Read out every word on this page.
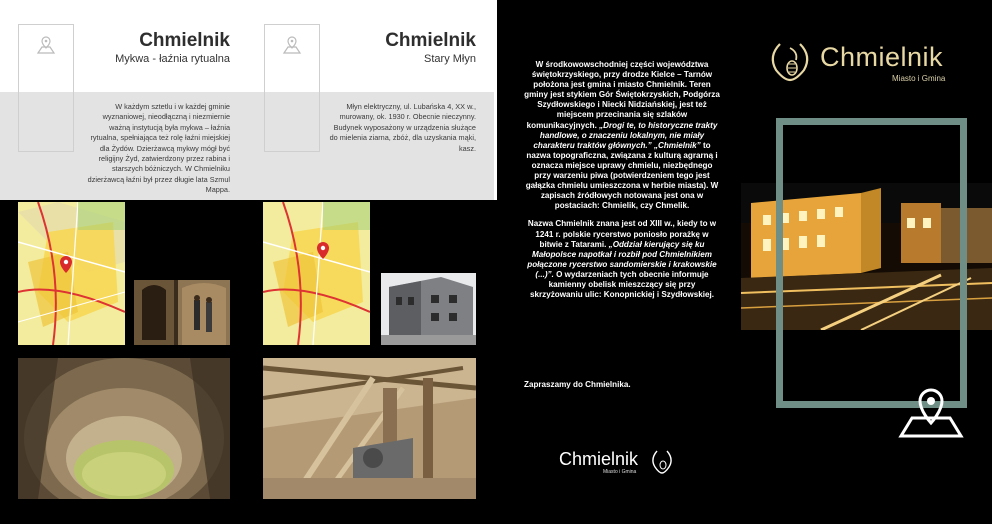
Chmielnik
Mykwa - łaźnia rytualna
W każdym sztetlu i w każdej gminie wyznaniowej, nieodłączną i niezmiernie ważną instytucją była mykwa – łaźnia rytualna, spełniająca też rolę łaźni miejskiej dla Żydów. Dzierżawcą mykwy mógł być religijny Żyd, zatwierdzony przez rabina i starszych bóżniczych. W Chmielniku dzierżawcą łaźni był przez długie lata Szmul Mappa.
Chmielnik
Stary Młyn
Młyn elektryczny, ul. Lubańska 4, XX w., murowany, ok. 1930 r. Obecnie nieczynny. Budynek wyposażony w urządzenia służące do mielenia ziarna, zbóż, dla uzyskania mąki, kasz.

W środkowowschodniej części województwa świętokrzyskiego, przy drodze Kielce – Tarnów położona jest gmina i miasto Chmielnik. Teren gminy jest stykiem Gór Świętokrzyskich, Podgórza Szydłowskiego i Niecki Nidziańskiej, jest też miejscem przecinania się szlaków komunikacyjnych. „Drogi te, to historyczne trakty handlowe, o znaczeniu lokalnym, nie miały charakteru traktów głównych.” „Chmielnik” to nazwa topograficzna, związana z kulturą agrarną i oznacza miejsce uprawy chmielu, niezbędnego przy warzeniu piwa (potwierdzeniem tego jest gałązka chmielu umieszczona w herbie miasta). W zapisach źródłowych notowana jest ona w postaciach: Chmielik, czy Chmelik.

Nazwa Chmielnik znana jest od XIII w., kiedy to w 1241 r. polskie rycerstwo poniosło porażkę w bitwie z Tatarami. „Oddział kierujący się ku Małopolsce napotkał i rozbił pod Chmielnikiem połączone rycerstwo sandomierskie i krakowskie (...)”. O wydarzeniach tych obecnie informuje kamienny obelisk mieszczący się przy skrzyżowaniu ulic: Konopnickiej i Szydłowskiej.

Zapraszamy do Chmielnika.
Chmielnik
Miasto i Gmina
Chmielnik
Miasto i Gmina
